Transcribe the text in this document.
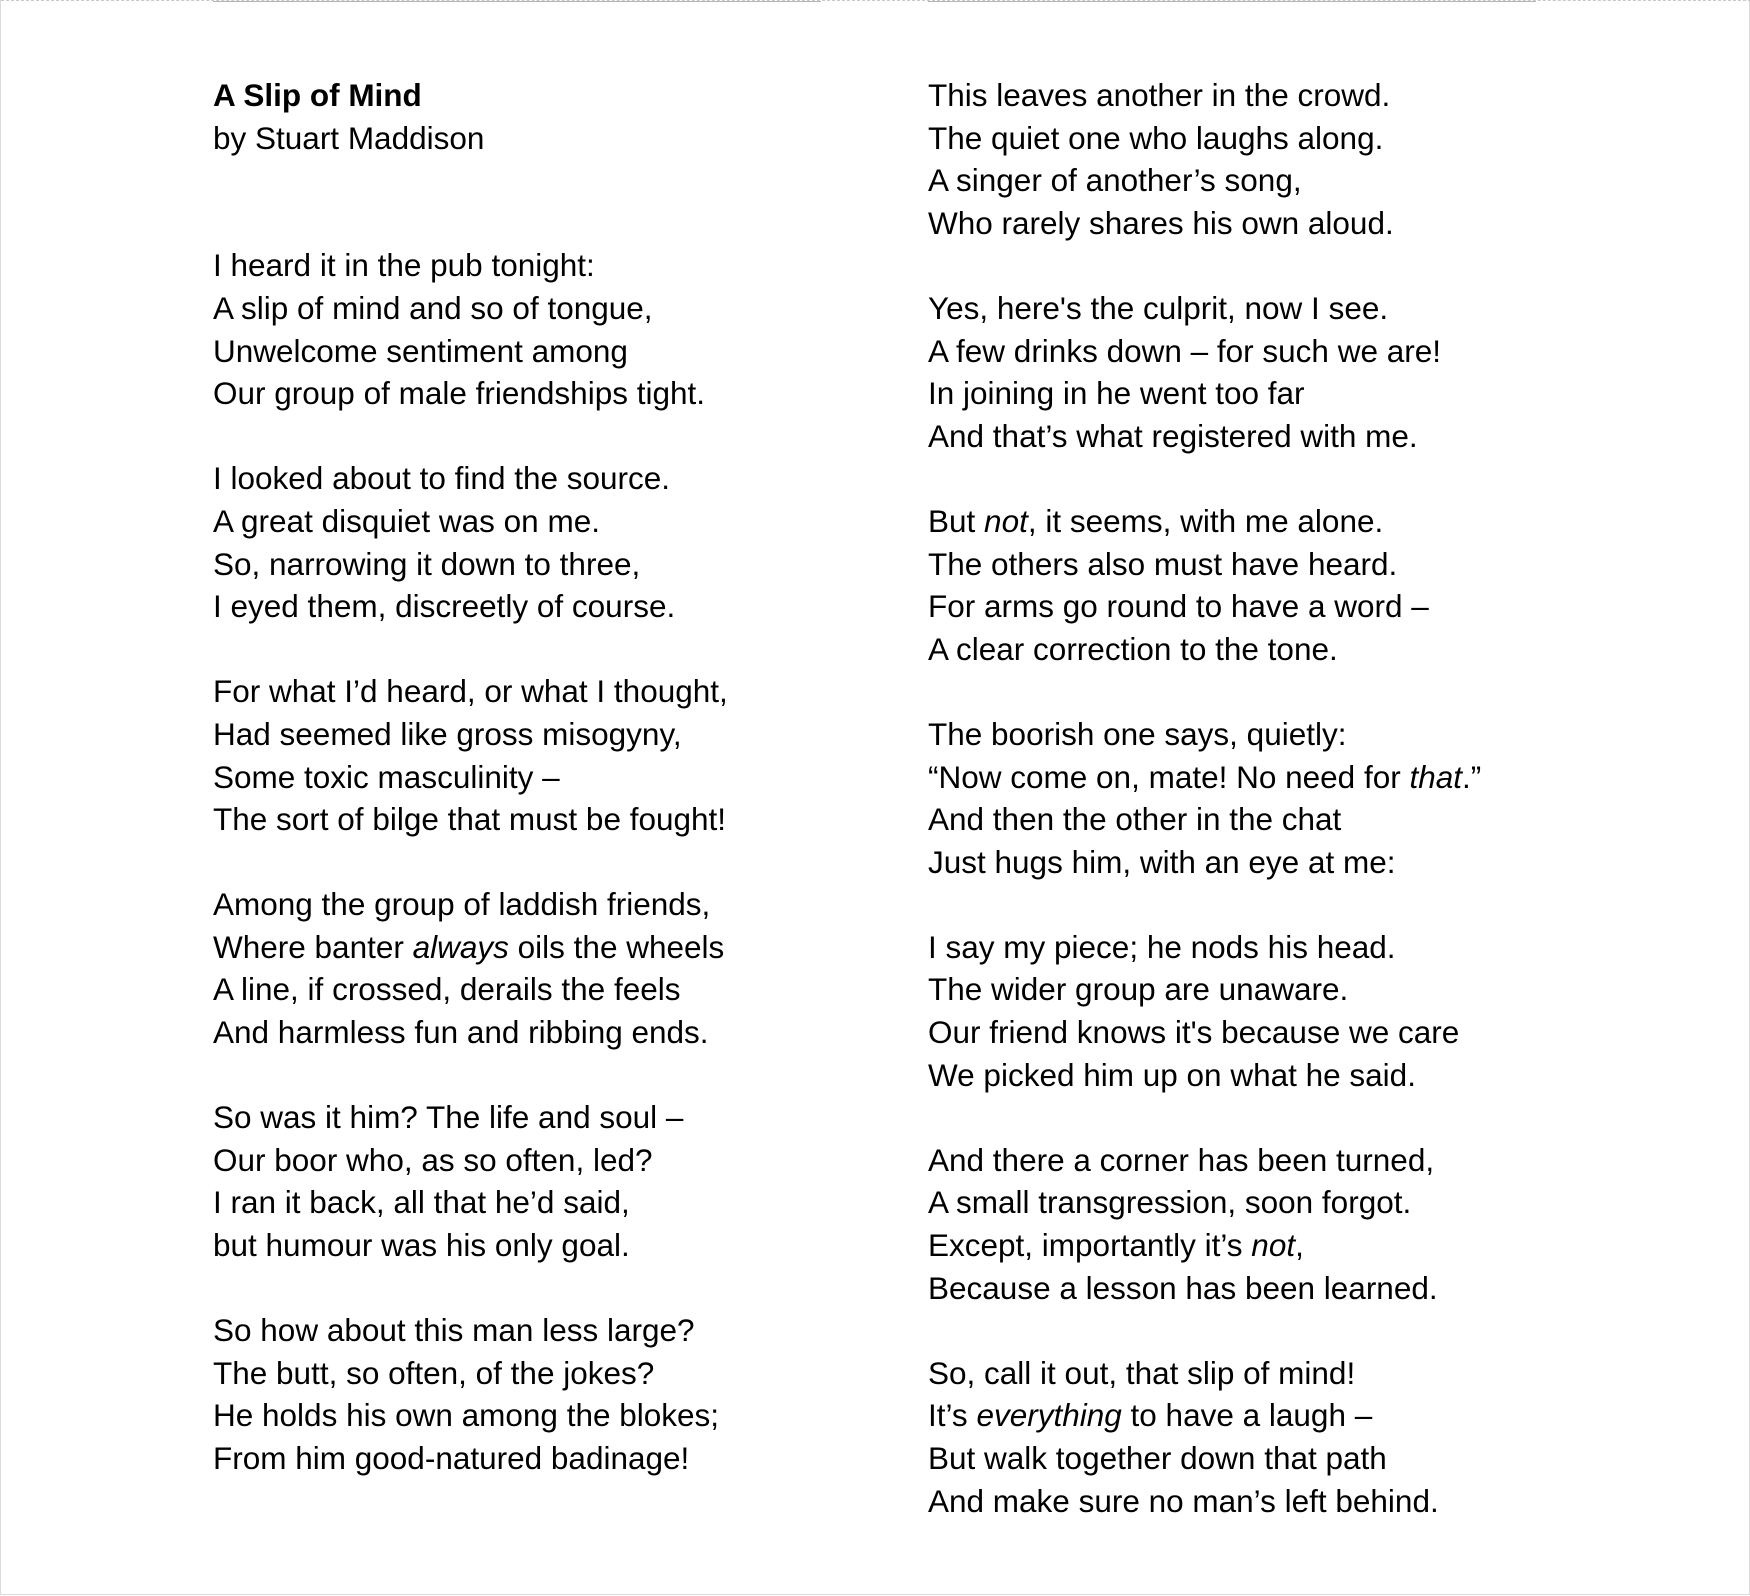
A Slip of Mind
by Stuart Maddison
I heard it in the pub tonight:
A slip of mind and so of tongue,
Unwelcome sentiment among
Our group of male friendships tight.
I looked about to find the source.
A great disquiet was on me.
So, narrowing it down to three,
I eyed them, discreetly of course.
For what I’d heard, or what I thought,
Had seemed like gross misogyny,
Some toxic masculinity –
The sort of bilge that must be fought!
Among the group of laddish friends,
Where banter always oils the wheels
A line, if crossed, derails the feels
And harmless fun and ribbing ends.
So was it him? The life and soul –
Our boor who, as so often, led?
I ran it back, all that he’d said,
but humour was his only goal.
So how about this man less large?
The butt, so often, of the jokes?
He holds his own among the blokes;
From him good-natured badinage!
This leaves another in the crowd.
The quiet one who laughs along.
A singer of another’s song,
Who rarely shares his own aloud.
Yes, here's the culprit, now I see.
A few drinks down – for such we are!
In joining in he went too far
And that’s what registered with me.
But not, it seems, with me alone.
The others also must have heard.
For arms go round to have a word –
A clear correction to the tone.
The boorish one says, quietly:
“Now come on, mate! No need for that.”
And then the other in the chat
Just hugs him, with an eye at me:
I say my piece; he nods his head.
The wider group are unaware.
Our friend knows it's because we care
We picked him up on what he said.
And there a corner has been turned,
A small transgression, soon forgot.
Except, importantly it’s not,
Because a lesson has been learned.
So, call it out, that slip of mind!
It’s everything to have a laugh –
But walk together down that path
And make sure no man’s left behind.
